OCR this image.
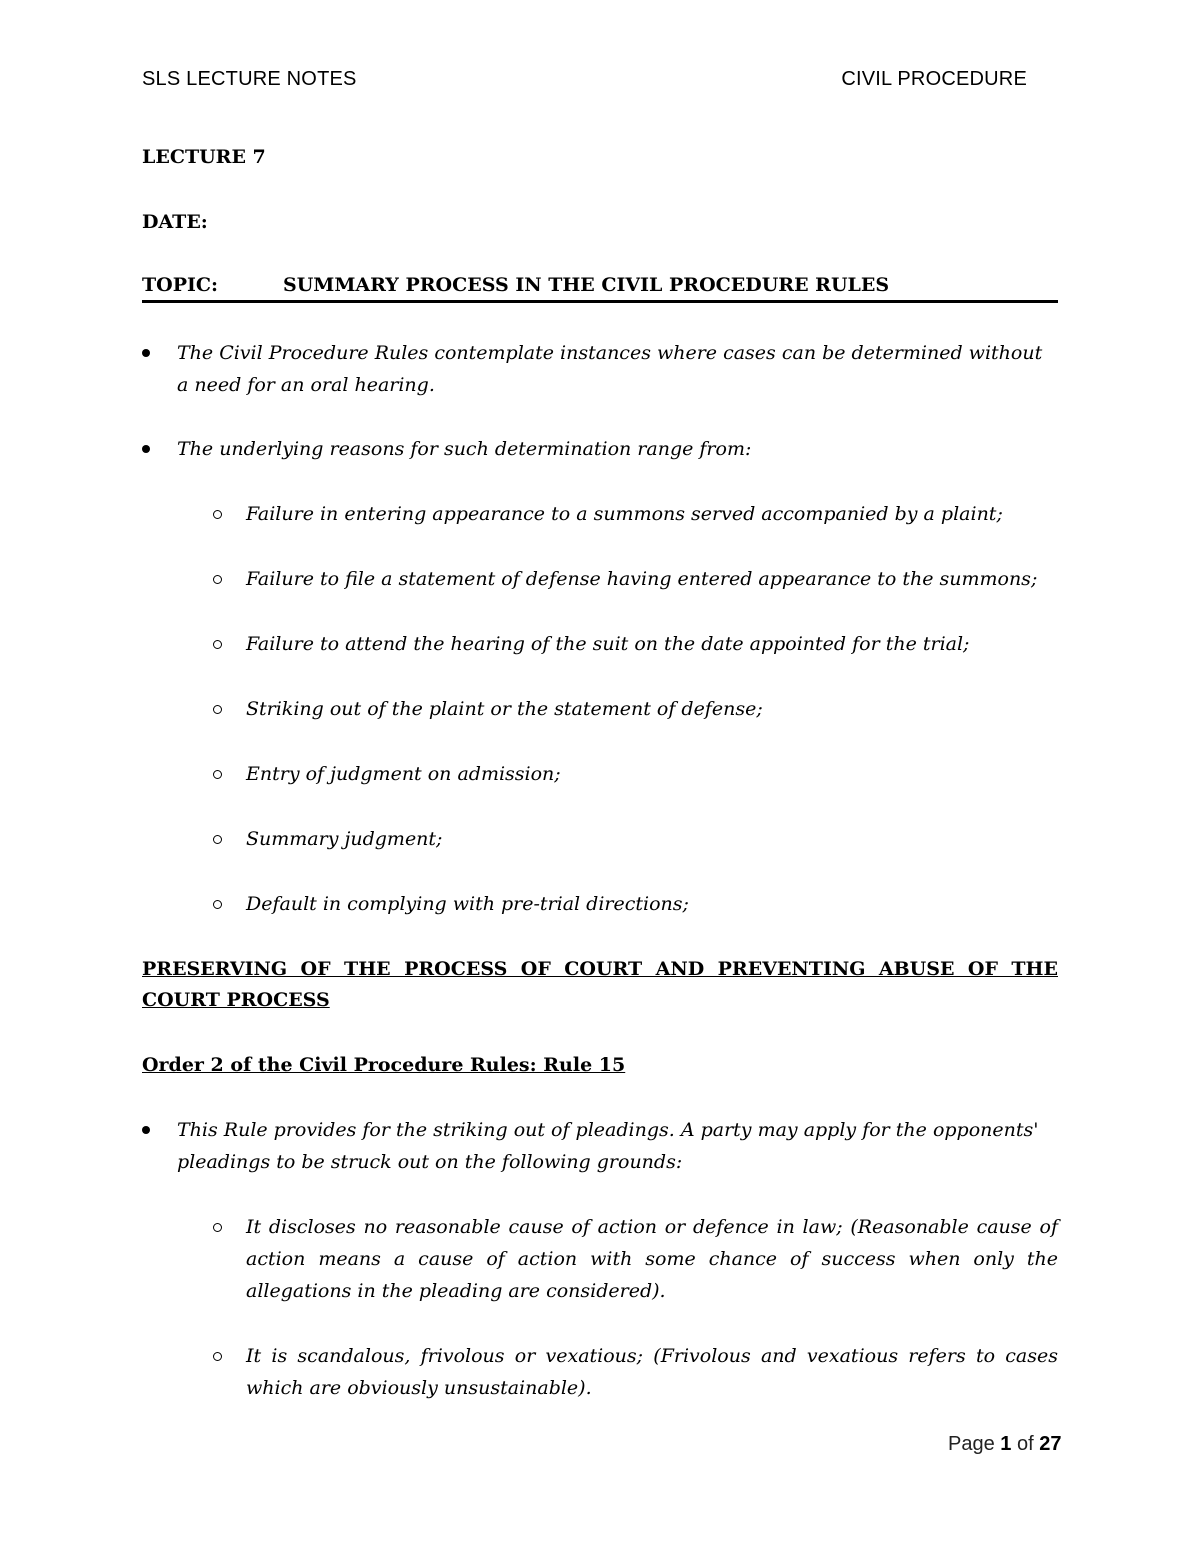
SLS LECTURE NOTES	CIVIL PROCEDURE

LECTURE 7

DATE:

TOPIC:	SUMMARY PROCESS IN THE CIVIL PROCEDURE RULES
The Civil Procedure Rules contemplate instances where cases can be determined without a need for an oral hearing.
The underlying reasons for such determination range from:
Failure in entering appearance to a summons served accompanied by a plaint;
Failure to file a statement of defense having entered appearance to the summons;
Failure to attend the hearing of the suit on the date appointed for the trial;
Striking out of the plaint or the statement of defense;
Entry of judgment on admission;
Summary judgment;
Default in complying with pre-trial directions;
PRESERVING OF THE PROCESS OF COURT AND PREVENTING ABUSE OF THE COURT PROCESS
Order 2 of the Civil Procedure Rules: Rule 15
This Rule provides for the striking out of pleadings. A party may apply for the opponents' pleadings to be struck out on the following grounds:
It discloses no reasonable cause of action or defence in law; (Reasonable cause of action means a cause of action with some chance of success when only the allegations in the pleading are considered).
It is scandalous, frivolous or vexatious; (Frivolous and vexatious refers to cases which are obviously unsustainable).
Page 1 of 27
